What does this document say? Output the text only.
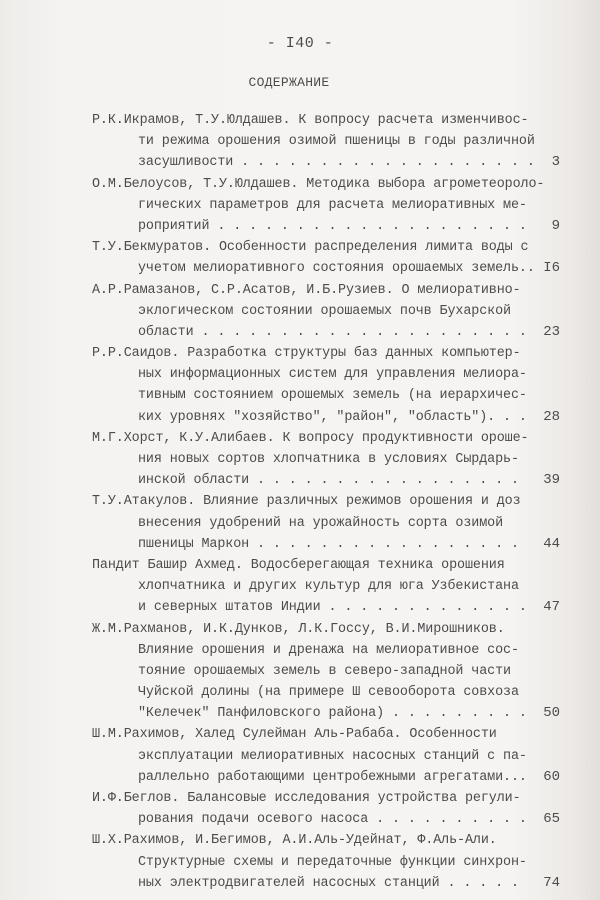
- I40 -
СОДЕРЖАНИЕ
Р.К.Икрамов, Т.У.Юлдашев. К вопросу расчета изменчивос-
ти режима орошения озимой пшеницы в годы различной
засушливости . . . . . . . . . . . . . . . . . . .	3
О.М.Белоусов, Т.У.Юлдашев. Методика выбора агрометеороло-
гических параметров для расчета мелиоративных ме-
роприятий . . . . . . . . . . . . . . . . . . . .	9
Т.У.Бекмуратов. Особенности распределения лимита воды с
учетом мелиоративного состояния орошаемых земель.. I6
А.Р.Рамазанов, С.Р.Асатов, И.Б.Рузиев. О мелиоративно-
эклогическом состоянии орошаемых почв Бухарской
области . . . . . . . . . . . . . . . . . . . . .	23
Р.Р.Саидов. Разработка структуры баз данных компьютер-
ных информационных систем для управления мелиора-
тивным состоянием орошемых земель (на иерархичес-
ких уровнях "хозяйство", "район", "область"). . .	28
М.Г.Хорст, К.У.Алибаев. К вопросу продуктивности ороше-
ния новых сортов хлопчатника в условиях Сырдарь-
инской области . . . . . . . . . . . . . . . . .	39
Т.У.Атакулов. Влияние различных режимов орошения и доз
внесения удобрений на урожайность сорта озимой
пшеницы Маркон . . . . . . . . . . . . . . . . .	44
Пандит Башир Ахмед. Водосберегающая техника орошения
хлопчатника и других культур для юга Узбекистана
и северных штатов Индии . . . . . . . . . . . . .	47
Ж.М.Рахманов, И.К.Дунков, Л.К.Госсу, В.И.Мирошников.
Влияние орошения и дренажа на мелиоративное сос-
тояние орошаемых земель в северо-западной части
Чуйской долины (на примере Ш севооборота совхоза
"Келечек" Панфиловского района) . . . . . . . . .	50
Ш.М.Рахимов, Халед Сулейман Аль-Рабаба. Особенности
эксплуатации мелиоративных насосных станций с па-
раллельно работающими центробежными агрегатами...	60
И.Ф.Беглов. Балансовые исследования устройства регули-
рования подачи осевого насоса . . . . . . . . . .	65
Ш.Х.Рахимов, И.Бегимов, А.И.Аль-Удейнат, Ф.Аль-Али.
Структурные схемы и передаточные функции синхрон-
ных электродвигателей насосных станций . . . . .	74
